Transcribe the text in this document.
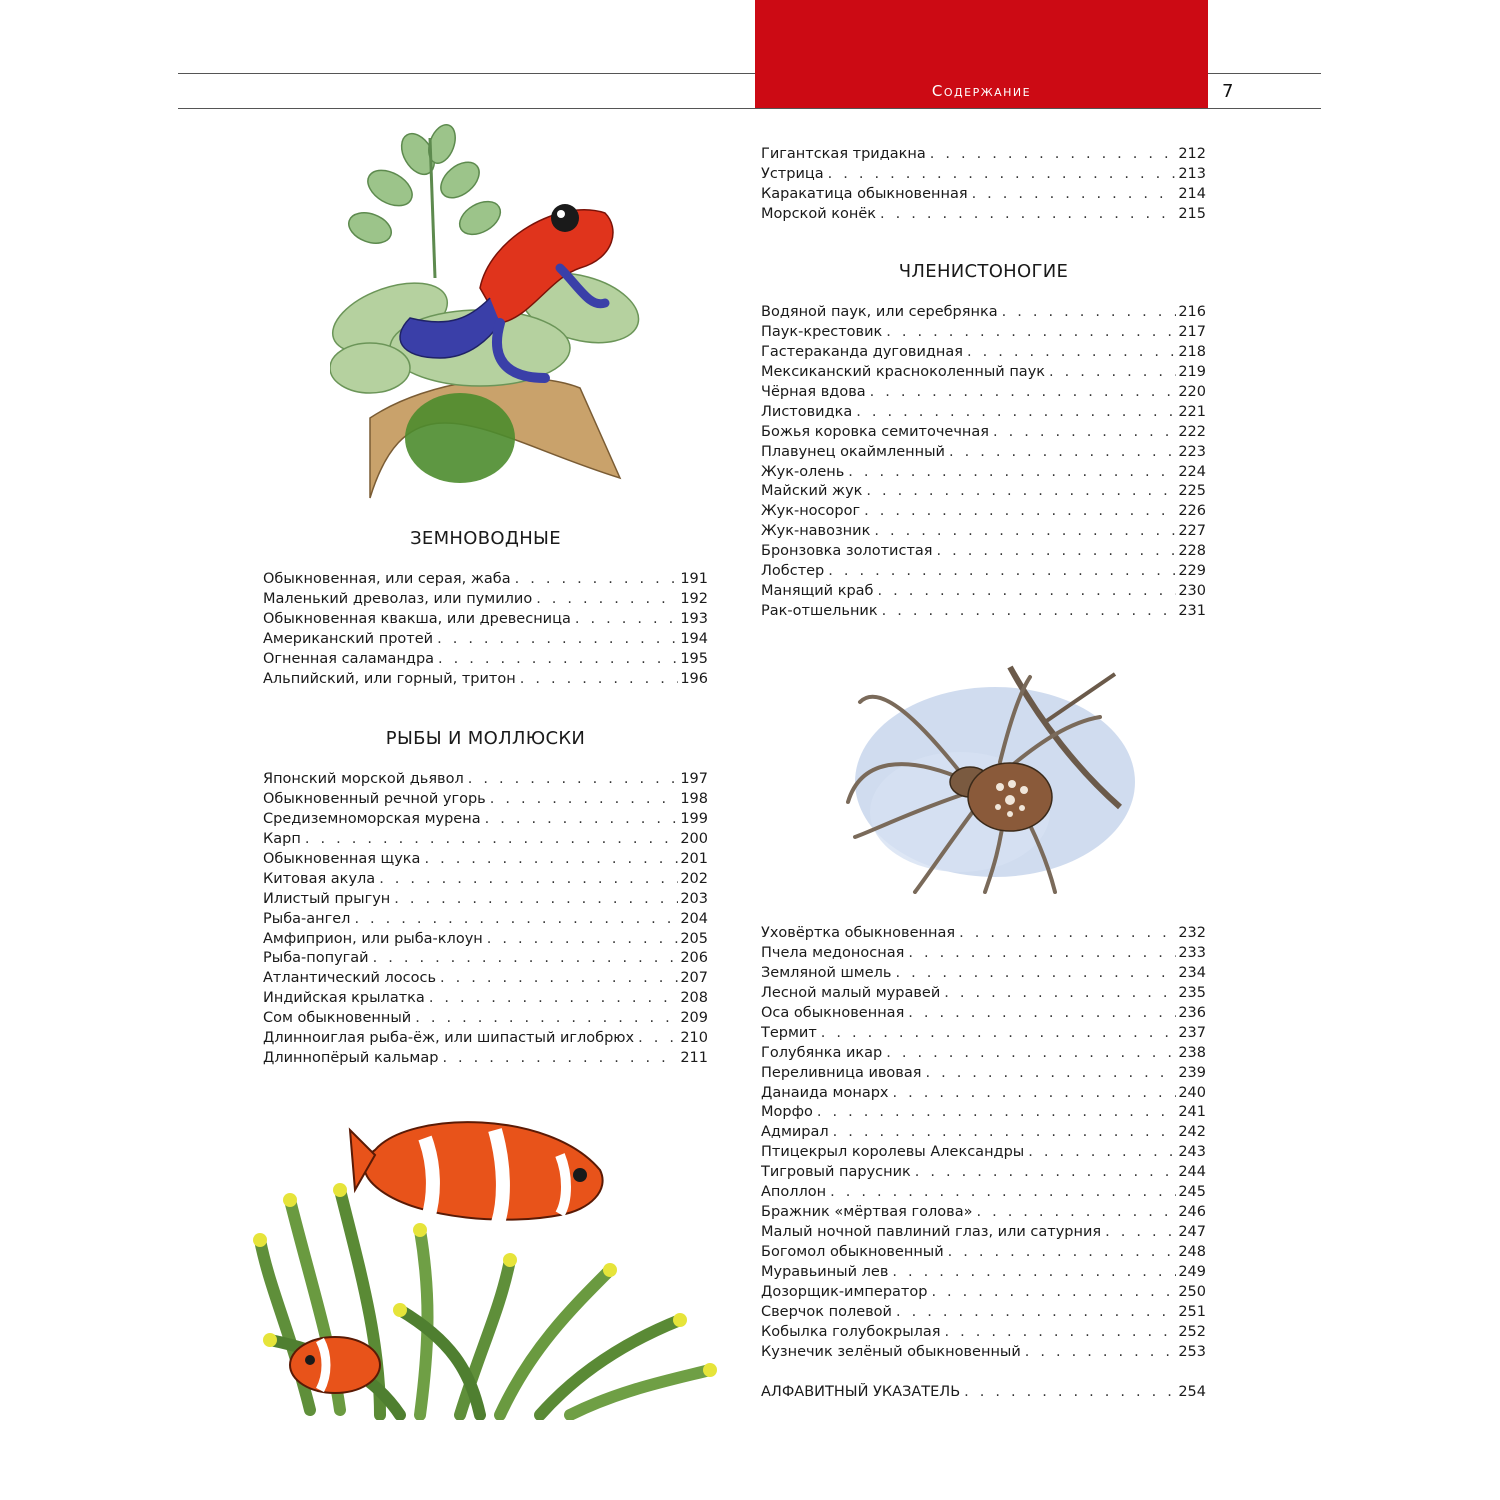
Содержание	7
ЗЕМНОВОДНЫЕ
Обыкновенная, или серая, жаба . . .	191
Маленький древолаз, или пумилио . . .	192
Обыкновенная квакша, или древесница . . .	193
Американский протей . . .	194
Огненная саламандра . . .	195
Альпийский, или горный, тритон . . .	196
РЫБЫ И МОЛЛЮСКИ
Японский морской дьявол . . .	197
Обыкновенный речной угорь . . .	198
Средиземноморская мурена . . .	199
Карп . . .	200
Обыкновенная щука . . .	201
Китовая акула . . .	202
Илистый прыгун . . .	203
Рыба-ангел . . .	204
Амфиприон, или рыба-клоун . . .	205
Рыба-попугай . . .	206
Атлантический лосось . . .	207
Индийская крылатка . . .	208
Сом обыкновенный . . .	209
Длинноиглая рыба-ёж, или шипастый иглобрюх . . .	210
Длиннопёрый кальмар . . .	211
Гигантская тридакна . . .	212
Устрица . . .	213
Каракатица обыкновенная . . .	214
Морской конёк . . .	215
ЧЛЕНИСТОНОГИЕ
Водяной паук, или серебрянка . . .	216
Паук-крестовик . . .	217
Гастераканда дуговидная . . .	218
Мексиканский красноколенный паук . . .	219
Чёрная вдова . . .	220
Листовидка . . .	221
Божья коровка семиточечная . . .	222
Плавунец окаймленный . . .	223
Жук-олень . . .	224
Майский жук . . .	225
Жук-носорог . . .	226
Жук-навозник . . .	227
Бронзовка золотистая . . .	228
Лобстер . . .	229
Манящий краб . . .	230
Рак-отшельник . . .	231
Уховёртка обыкновенная . . .	232
Пчела медоносная . . .	233
Земляной шмель . . .	234
Лесной малый муравей . . .	235
Оса обыкновенная . . .	236
Термит . . .	237
Голубянка икар . . .	238
Переливница ивовая . . .	239
Данаида монарх . . .	240
Морфо . . .	241
Адмирал . . .	242
Птицекрыл королевы Александры . . .	243
Тигровый парусник . . .	244
Аполлон . . .	245
Бражник «мёртвая голова» . . .	246
Малый ночной павлиний глаз, или сатурния . . .	247
Богомол обыкновенный . . .	248
Муравьиный лев . . .	249
Дозорщик-император . . .	250
Сверчок полевой . . .	251
Кобылка голубокрылая . . .	252
Кузнечик зелёный обыкновенный . . .	253
АЛФАВИТНЫЙ УКАЗАТЕЛЬ . . .	254
